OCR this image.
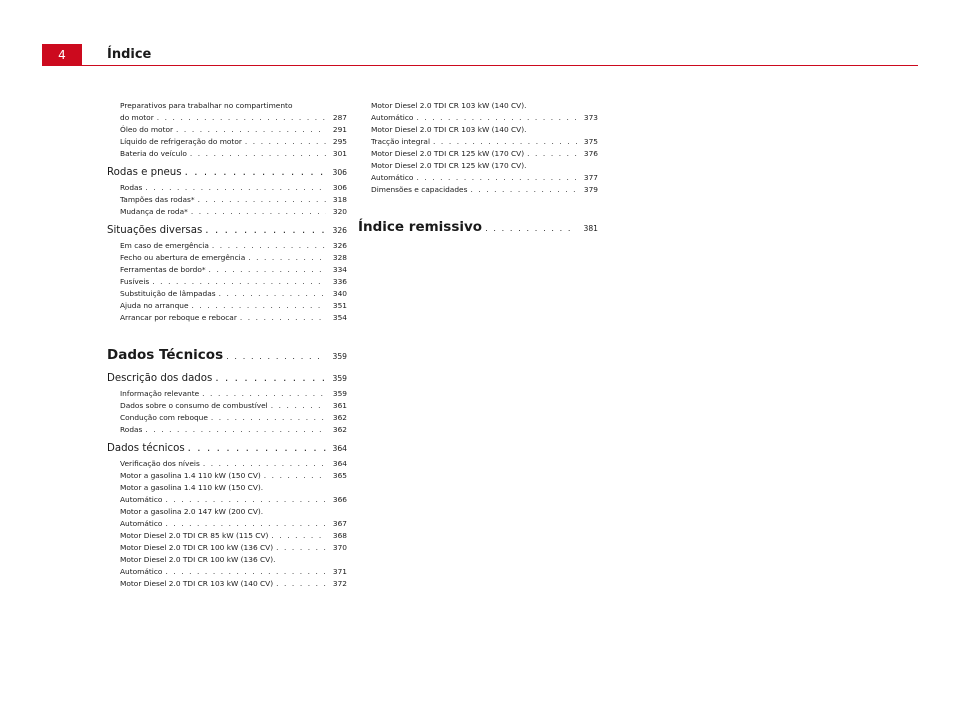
4	Índice
Preparativos para trabalhar no compartimento
do motor . . .	287
Óleo do motor . . .	291
Líquido de refrigeração do motor . . .	295
Bateria do veículo . . .	301
Rodas e pneus . . .	306
Rodas . . .	306
Tampões das rodas* . . .	318
Mudança de roda* . . .	320
Situações diversas . . .	326
Em caso de emergência . . .	326
Fecho ou abertura de emergência . . .	328
Ferramentas de bordo* . . .	334
Fusíveis . . .	336
Substituição de lâmpadas . . .	340
Ajuda no arranque . . .	351
Arrancar por reboque e rebocar . . .	354
Dados Técnicos . . .	359
Descrição dos dados . . .	359
Informação relevante . . .	359
Dados sobre o consumo de combustível . . .	361
Condução com reboque . . .	362
Rodas . . .	362
Dados técnicos . . .	364
Verificação dos níveis . . .	364
Motor a gasolina 1.4 110 kW (150 CV) . . .	365
Motor a gasolina 1.4 110 kW (150 CV).
Automático . . .	366
Motor a gasolina 2.0 147 kW (200 CV).
Automático . . .	367
Motor Diesel 2.0 TDI CR 85 kW (115 CV) . . .	368
Motor Diesel 2.0 TDI CR 100 kW (136 CV) . . .	370
Motor Diesel 2.0 TDI CR 100 kW (136 CV).
Automático . . .	371
Motor Diesel 2.0 TDI CR 103 kW (140 CV) . . .	372
Motor Diesel 2.0 TDI CR 103 kW (140 CV).
Automático . . .	373
Motor Diesel 2.0 TDI CR 103 kW (140 CV).
Tracção integral . . .	375
Motor Diesel 2.0 TDI CR 125 kW (170 CV) . . .	376
Motor Diesel 2.0 TDI CR 125 kW (170 CV).
Automático . . .	377
Dimensões e capacidades . . .	379
Índice remissivo . . .	381
